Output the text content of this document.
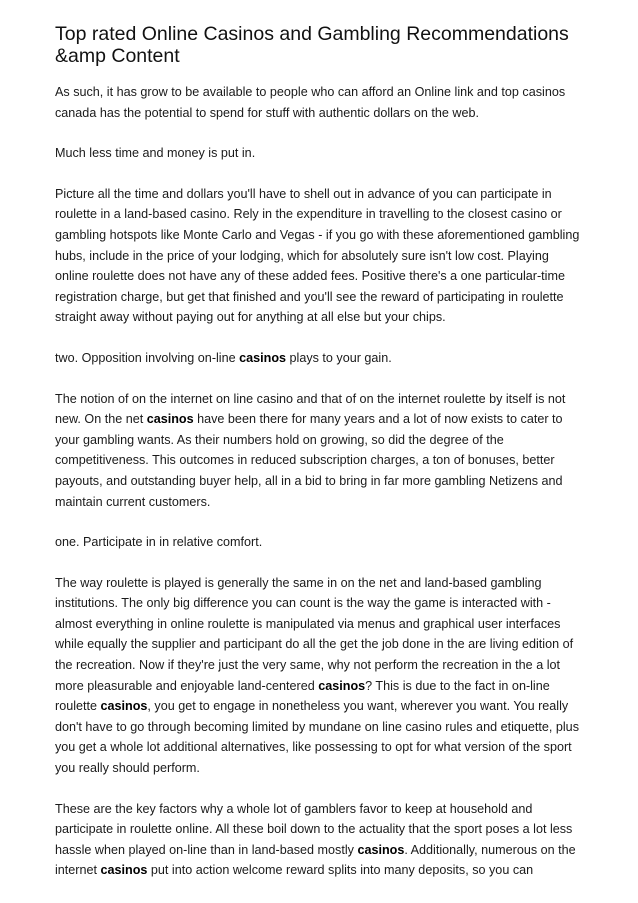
Top rated Online Casinos and Gambling Recommendations &amp Content

As such, it has grow to be available to people who can afford an Online link and top casinos canada has the potential to spend for stuff with authentic dollars on the web.

Much less time and money is put in.

Picture all the time and dollars you'll have to shell out in advance of you can participate in roulette in a land-based casino. Rely in the expenditure in travelling to the closest casino or gambling hotspots like Monte Carlo and Vegas - if you go with these aforementioned gambling hubs, include in the price of your lodging, which for absolutely sure isn't low cost. Playing online roulette does not have any of these added fees. Positive there's a one particular-time registration charge, but get that finished and you'll see the reward of participating in roulette straight away without paying out for anything at all else but your chips.

two. Opposition involving on-line casinos plays to your gain.

The notion of on the internet on line casino and that of on the internet roulette by itself is not new. On the net casinos have been there for many years and a lot of now exists to cater to your gambling wants. As their numbers hold on growing, so did the degree of the competitiveness. This outcomes in reduced subscription charges, a ton of bonuses, better payouts, and outstanding buyer help, all in a bid to bring in far more gambling Netizens and maintain current customers.

one. Participate in in relative comfort.

The way roulette is played is generally the same in on the net and land-based gambling institutions. The only big difference you can count is the way the game is interacted with - almost everything in online roulette is manipulated via menus and graphical user interfaces while equally the supplier and participant do all the get the job done in the are living edition of the recreation. Now if they're just the very same, why not perform the recreation in the a lot more pleasurable and enjoyable land-centered casinos? This is due to the fact in on-line roulette casinos, you get to engage in nonetheless you want, wherever you want. You really don't have to go through becoming limited by mundane on line casino rules and etiquette, plus you get a whole lot additional alternatives, like possessing to opt for what version of the sport you really should perform.

These are the key factors why a whole lot of gamblers favor to keep at household and participate in roulette online. All these boil down to the actuality that the sport poses a lot less hassle when played on-line than in land-based mostly casinos. Additionally, numerous on the internet casinos put into action welcome reward splits into many deposits, so you can
